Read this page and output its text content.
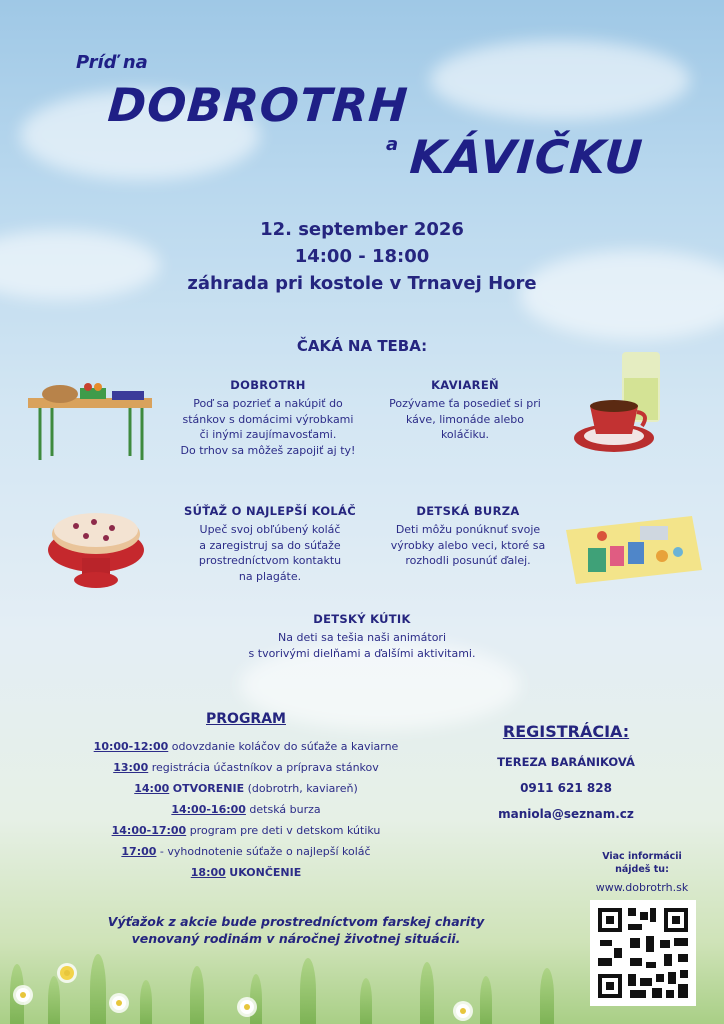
Príď na
DOBROTRH
a KÁVIČKU
12. september 2026
14:00 - 18:00
záhrada pri kostole v Trnavej Hore
ČAKÁ NA TEBA:
DOBROTRH
Poď sa pozrieť a nakúpiť do
stánkov s domácimi výrobkami
či inými zaujímavosťami.
Do trhov sa môžeš zapojiť aj ty!
KAVIAREŇ
Pozývame ťa posedieť si pri
káve, limonáde alebo
koláčiku.
SÚŤAŽ O NAJLEPŠÍ KOLÁČ
Upeč svoj obľúbený koláč
a zaregistruj sa do súťaže
prostredníctvom kontaktu
na plagáte.
DETSKÁ BURZA
Deti môžu ponúknuť svoje
výrobky alebo veci, ktoré sa
rozhodli posunúť ďalej.
DETSKÝ KÚTIK
Na deti sa tešia naši animátori
s tvorivými dielňami a ďalšími aktivitami.
PROGRAM
10:00-12:00 odovzdanie koláčov do súťaže a kaviarne
13:00 registrácia účastníkov a príprava stánkov
14:00 OTVORENIE (dobrotrh, kaviareň)
14:00-16:00 detská burza
14:00-17:00 program pre deti v detskom kútiku
17:00 - vyhodnotenie súťaže o najlepší koláč
18:00 UKONČENIE
REGISTRÁCIA:
TEREZA BARÁNIKOVÁ
0911 621 828
maniola@seznam.cz
Viac informácii
nájdeš tu:
www.dobrotrh.sk
Výťažok z akcie bude prostredníctvom farskej charity
venovaný rodinám v náročnej životnej situácii.
